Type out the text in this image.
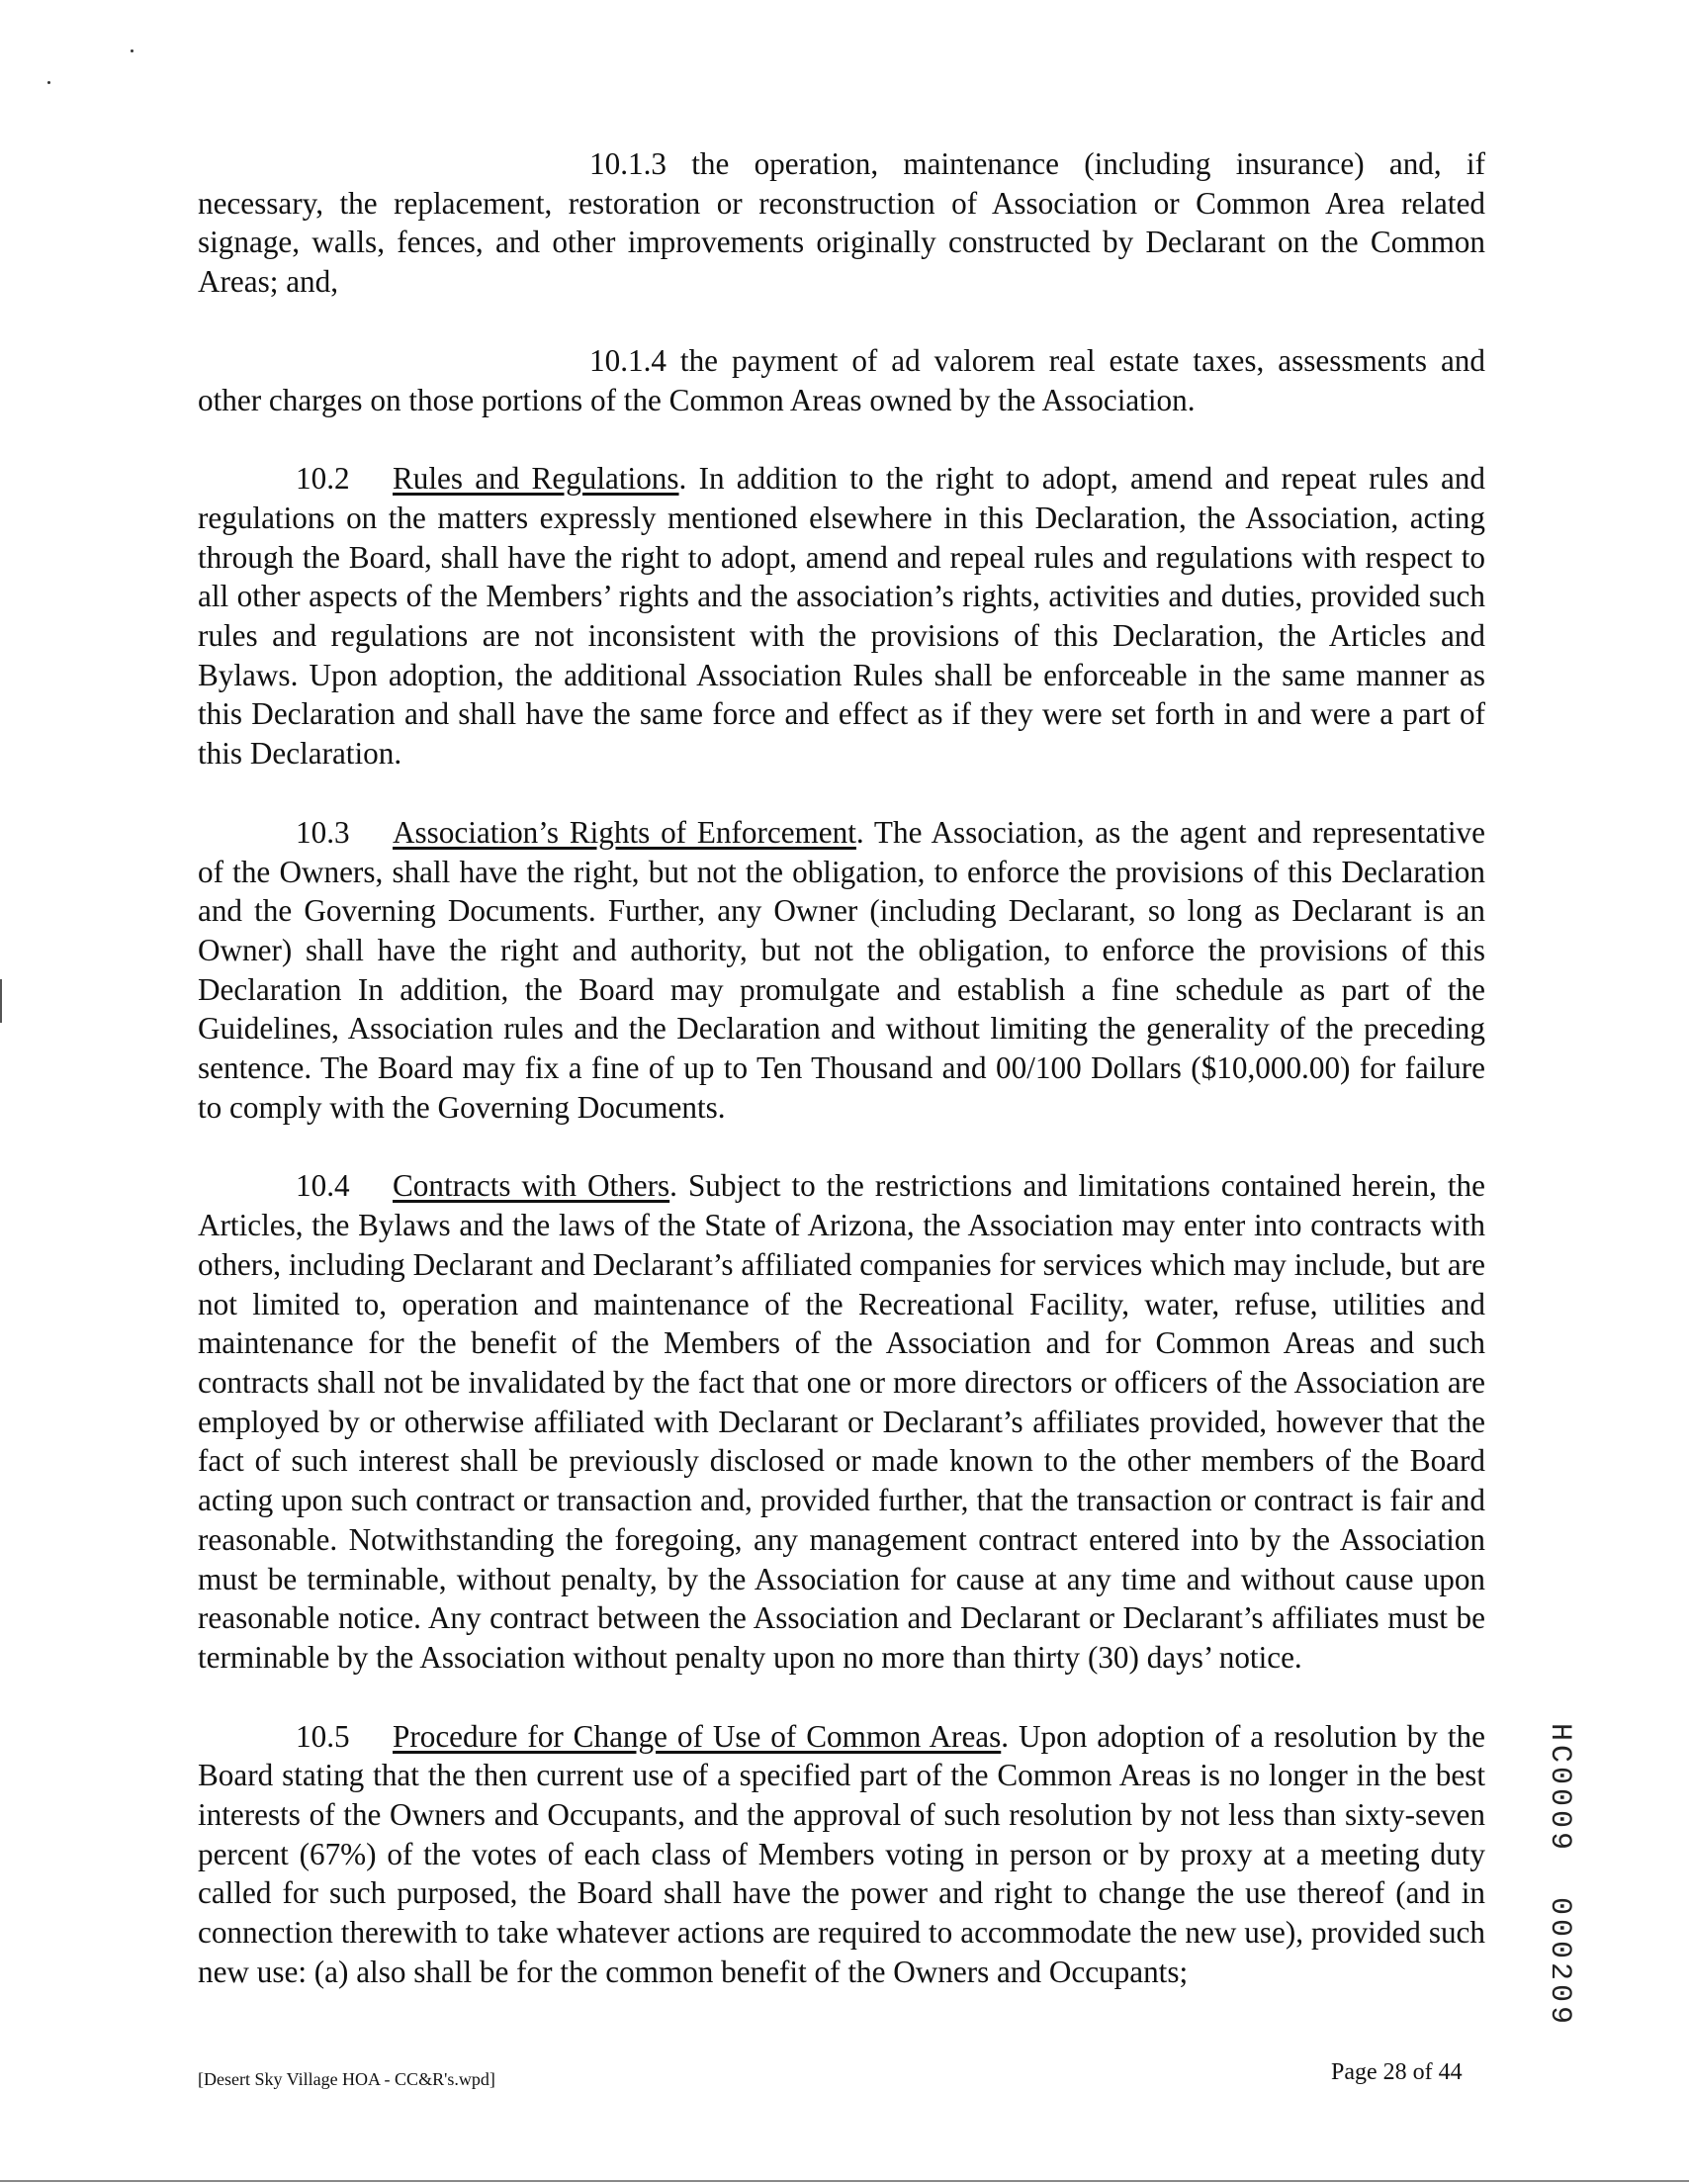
10.1.3 the operation, maintenance (including insurance) and, if necessary, the replacement, restoration or reconstruction of Association or Common Area related signage, walls, fences, and other improvements originally constructed by Declarant on the Common Areas; and,

10.1.4 the payment of ad valorem real estate taxes, assessments and other charges on those portions of the Common Areas owned by the Association.

10.2 Rules and Regulations. In addition to the right to adopt, amend and repeat rules and regulations on the matters expressly mentioned elsewhere in this Declaration, the Association, acting through the Board, shall have the right to adopt, amend and repeal rules and regulations with respect to all other aspects of the Members’ rights and the association’s rights, activities and duties, provided such rules and regulations are not inconsistent with the provisions of this Declaration, the Articles and Bylaws. Upon adoption, the additional Association Rules shall be enforceable in the same manner as this Declaration and shall have the same force and effect as if they were set forth in and were a part of this Declaration.

10.3 Association’s Rights of Enforcement. The Association, as the agent and representative of the Owners, shall have the right, but not the obligation, to enforce the provisions of this Declaration and the Governing Documents. Further, any Owner (including Declarant, so long as Declarant is an Owner) shall have the right and authority, but not the obligation, to enforce the provisions of this Declaration In addition, the Board may promulgate and establish a fine schedule as part of the Guidelines, Association rules and the Declaration and without limiting the generality of the preceding sentence. The Board may fix a fine of up to Ten Thousand and 00/100 Dollars ($10,000.00) for failure to comply with the Governing Documents.

10.4 Contracts with Others. Subject to the restrictions and limitations contained herein, the Articles, the Bylaws and the laws of the State of Arizona, the Association may enter into contracts with others, including Declarant and Declarant’s affiliated companies for services which may include, but are not limited to, operation and maintenance of the Recreational Facility, water, refuse, utilities and maintenance for the benefit of the Members of the Association and for Common Areas and such contracts shall not be invalidated by the fact that one or more directors or officers of the Association are employed by or otherwise affiliated with Declarant or Declarant’s affiliates provided, however that the fact of such interest shall be previously disclosed or made known to the other members of the Board acting upon such contract or transaction and, provided further, that the transaction or contract is fair and reasonable. Notwithstanding the foregoing, any management contract entered into by the Association must be terminable, without penalty, by the Association for cause at any time and without cause upon reasonable notice. Any contract between the Association and Declarant or Declarant’s affiliates must be terminable by the Association without penalty upon no more than thirty (30) days’ notice.

10.5 Procedure for Change of Use of Common Areas. Upon adoption of a resolution by the Board stating that the then current use of a specified part of the Common Areas is no longer in the best interests of the Owners and Occupants, and the approval of such resolution by not less than sixty-seven percent (67%) of the votes of each class of Members voting in person or by proxy at a meeting duty called for such purposed, the Board shall have the power and right to change the use thereof (and in connection therewith to take whatever actions are required to accommodate the new use), provided such new use: (a) also shall be for the common benefit of the Owners and Occupants;	HC0009  000209
[Desert Sky Village HOA - CC&R's.wpd]	Page 28 of 44
